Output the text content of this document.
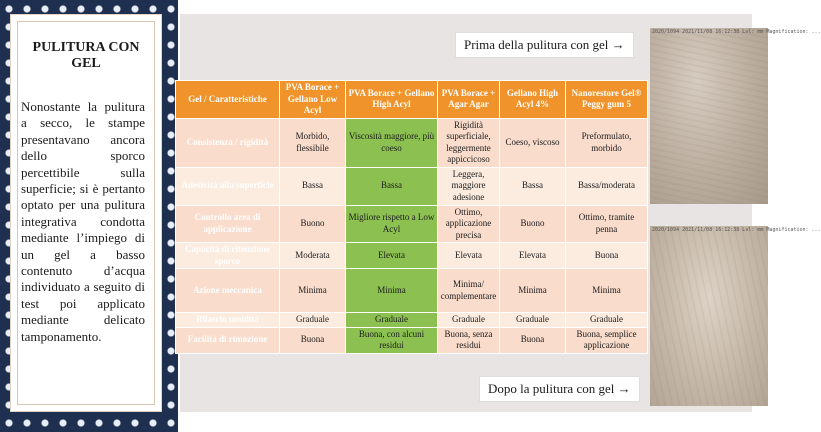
PULITURA CON GEL
Nonostante la pulitura a secco, le stampe presentavano ancora dello sporco percettibile sulla superficie; si è pertanto optato per una pulitura integrativa condotta mediante l’impiego di un gel a basso contenuto d’acqua individuato a seguito di test poi applicato mediante delicato tamponamento.
2020/1094 2021/11/08 16:12:38 Lvl: mm Magnification: ...
2020/1094 2021/11/08 16:12:38 Lvl: mm Magnification: ...
Prima della pulitura con gel →
Dopo la pulitura con gel →
Gel / Caratteristiche	PVA Borace + Gellano Low Acyl	PVA Borace + Gellano High Acyl	PVA Borace + Agar Agar	Gellano High Acyl 4%	Nanorestore Gel® Peggy gum 5
Consistenza / rigidità	Morbido, flessibile	Viscosità maggiore, più coeso	Rigidità superficiale, leggermente appiccicoso	Coeso, viscoso	Preformulato, morbido
Adesività alla superficie	Bassa	Bassa	Leggera, maggiore adesione	Bassa	Bassa/moderata
Controllo area di applicazione	Buono	Migliore rispetto a Low Acyl	Ottimo, applicazione precisa	Buono	Ottimo, tramite penna
Capacità di ritenzione sporco	Moderata	Elevata	Elevata	Elevata	Buona
Azione meccanica	Minima	Minima	Minima/ complementare	Minima	Minima
Rilascio umidità	Graduale	Graduale	Graduale	Graduale	Graduale
Facilità di rimozione	Buona	Buona, con alcuni residui	Buona, senza residui	Buona	Buona, semplice applicazione
